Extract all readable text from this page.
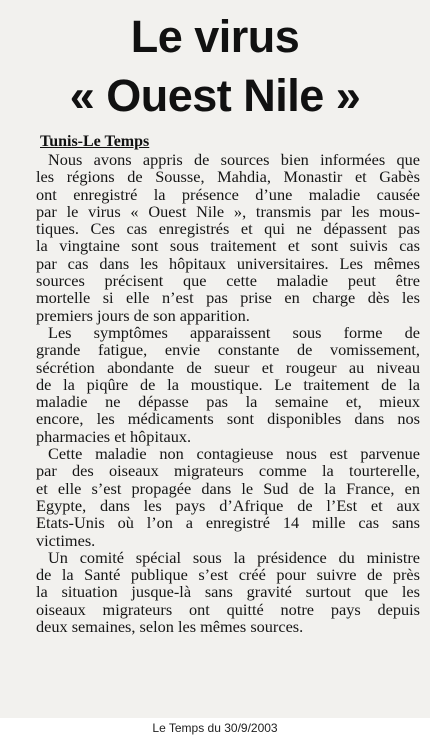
Le virus
« Ouest Nile »
Tunis-Le Temps

Nous avons appris de sources bien informées que
les régions de Sousse, Mahdia, Monastir et Gabès
ont enregistré la présence d’une maladie causée
par le virus « Ouest Nile », transmis par les mous-
tiques. Ces cas enregistrés et qui ne dépassent pas
la vingtaine sont sous traitement et sont suivis cas
par cas dans les hôpitaux universitaires. Les mêmes
sources précisent que cette maladie peut être
mortelle si elle n’est pas prise en charge dès les
premiers jours de son apparition.

Les symptômes apparaissent sous forme de
grande fatigue, envie constante de vomissement,
sécrétion abondante de sueur et rougeur au niveau
de la piqûre de la moustique. Le traitement de la
maladie ne dépasse pas la semaine et, mieux
encore, les médicaments sont disponibles dans nos
pharmacies et hôpitaux.

Cette maladie non contagieuse nous est parvenue
par des oiseaux migrateurs comme la tourterelle,
et elle s’est propagée dans le Sud de la France, en
Egypte, dans les pays d’Afrique de l’Est et aux
Etats-Unis où l’on a enregistré 14 mille cas sans
victimes.

Un comité spécial sous la présidence du ministre
de la Santé publique s’est créé pour suivre de près
la situation jusque-là sans gravité surtout que les
oiseaux migrateurs ont quitté notre pays depuis
deux semaines, selon les mêmes sources.

Le Temps du 30/9/2003
